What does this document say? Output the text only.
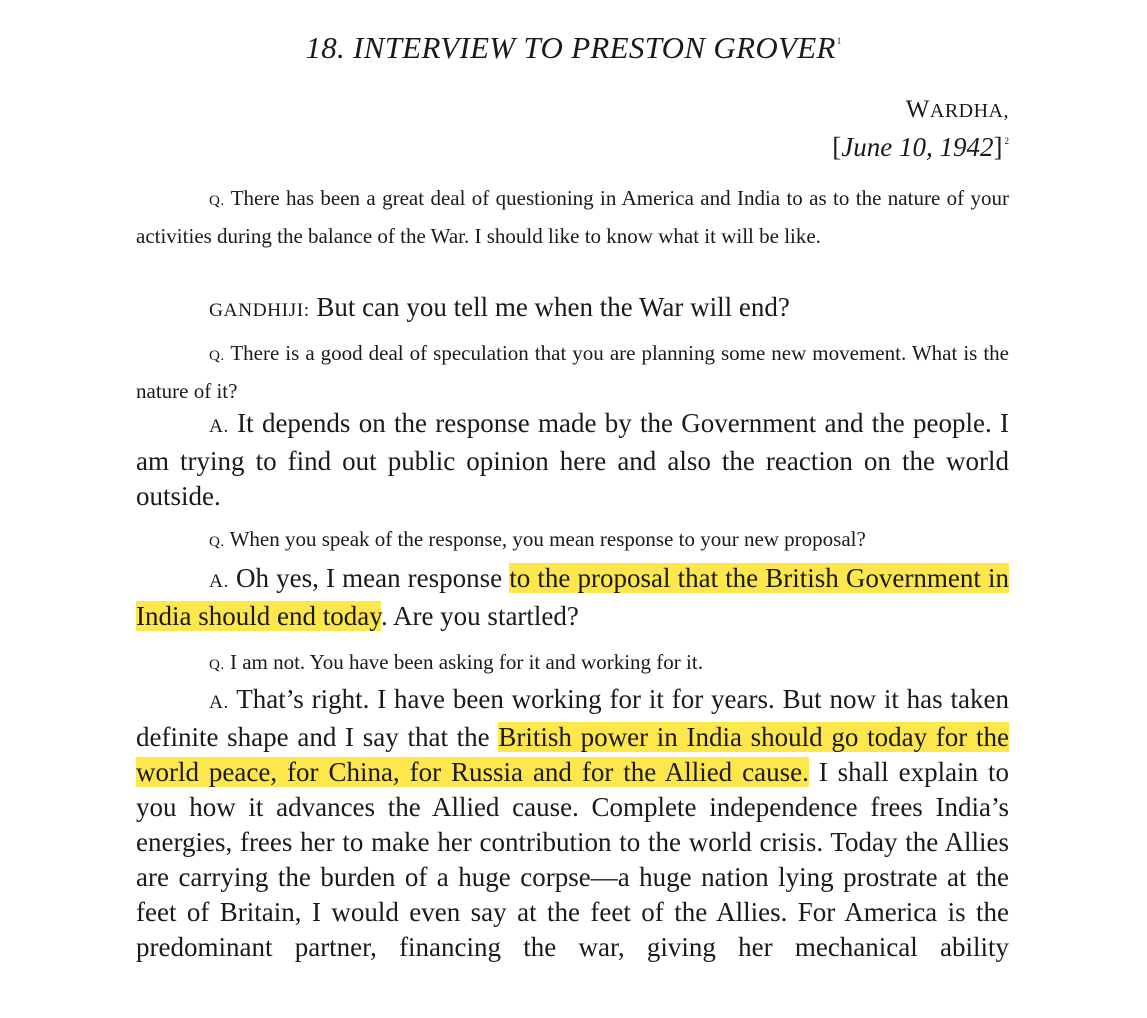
18. INTERVIEW TO PRESTON GROVER$^1$
WARDHA,
[June 10, 1942] $^2$

Q. There has been a great deal of questioning in America and India to as to the nature of your activities during the balance of the War. I should like to know what it will be like.

GANDHIJI: But can you tell me when the War will end?

Q. There is a good deal of speculation that you are planning some new movement. What is the nature of it?

A. It depends on the response made by the Government and the people. I am trying to find out public opinion here and also the reaction on the world outside.

Q. When you speak of the response, you mean response to your new proposal?

A. Oh yes, I mean response to the proposal that the British Government in India should end today. Are you startled?

Q. I am not. You have been asking for it and working for it.

A. That’s right. I have been working for it for years. But now it has taken definite shape and I say that the British power in India should go today for the world peace, for China, for Russia and for the Allied cause. I shall explain to you how it advances the Allied cause. Complete independence frees India’s energies, frees her to make her contribution to the world crisis. Today the Allies are carrying the burden of a huge corpse—a huge nation lying prostrate at the feet of Britain, I would even say at the feet of the Allies. For America is the predominant partner, financing the war, giving her mechanical ability
